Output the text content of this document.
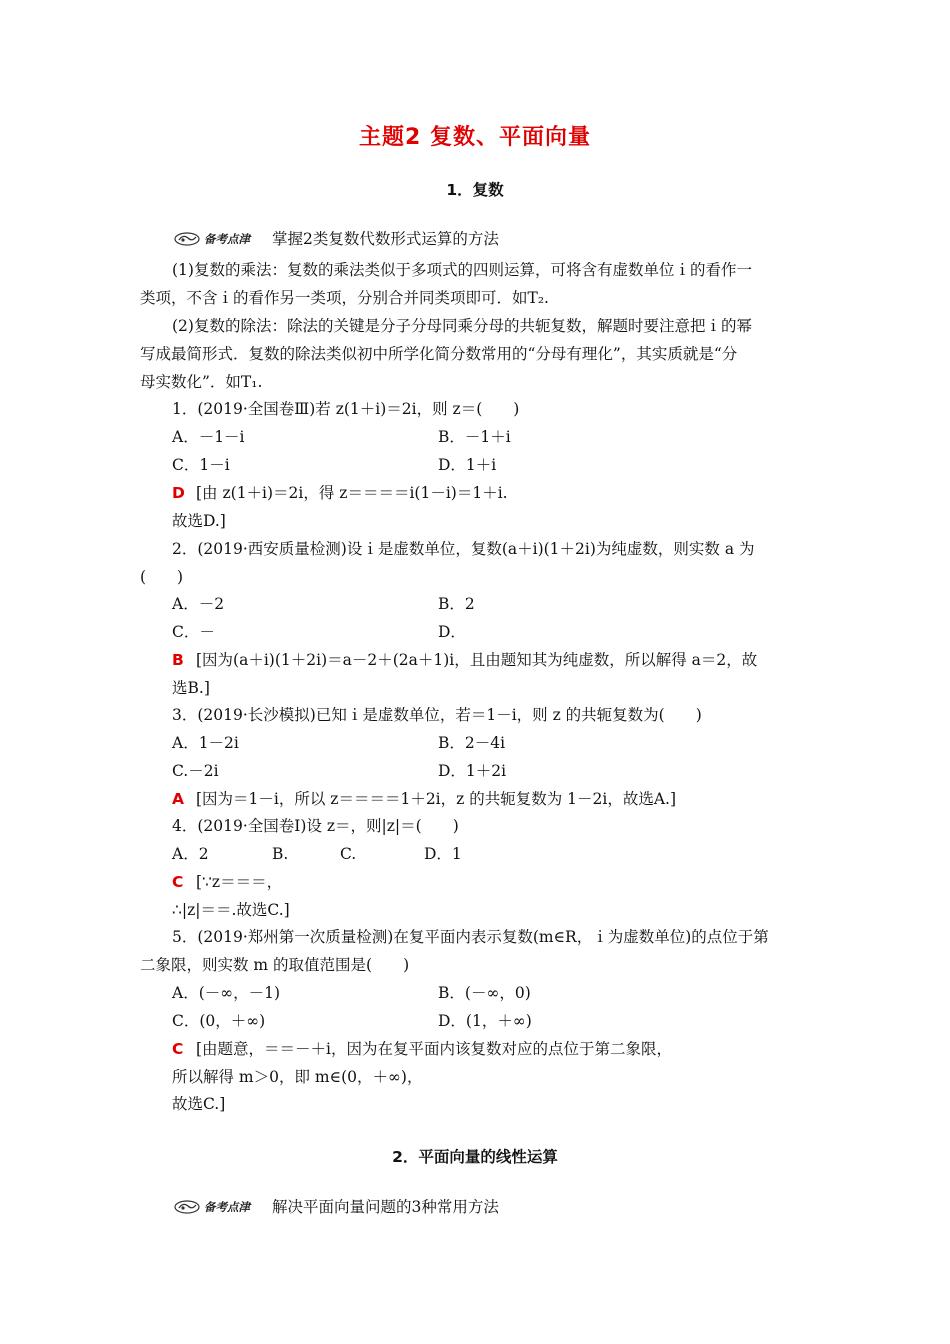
主题2 复数、平面向量
1．复数
备考点津 掌握2类复数代数形式运算的方法
(1)复数的乘法：复数的乘法类似于多项式的四则运算，可将含有虚数单位ｉ的看作一
类项，不含ｉ的看作另一类项，分别合并同类项即可．如T₂.
(2)复数的除法：除法的关键是分子分母同乘分母的共轭复数，解题时要注意把ｉ的幂
写成最简形式．复数的除法类似初中所学化简分数常用的“分母有理化”，其实质就是“分
母实数化”．如T₁.
1．(2019·全国卷Ⅲ)若 z(1＋i)＝2i，则 z＝(　　)
A．－1－i	B．－1＋i
C．1－i	D．1＋i
D [由 z(1＋i)＝2i，得 z＝＝＝＝i(1－i)＝1＋i.
故选D.]
2．(2019·西安质量检测)设ｉ是虚数单位，复数(a＋i)(1＋2i)为纯虚数，则实数 a 为
(　　)
A．－2	B．2
C．－	D．
B [因为(a＋i)(1＋2i)＝a－2＋(2a＋1)i，且由题知其为纯虚数，所以解得 a＝2，故
选B.]
3．(2019·长沙模拟)已知ｉ是虚数单位，若＝1－i，则 z 的共轭复数为(　　)
A．1－2i	B．2－4i
C.－2i	D．1＋2i
A [因为＝1－i，所以 z＝＝＝＝1＋2i，z 的共轭复数为 1－2i，故选A.]
4．(2019·全国卷Ⅰ)设 z＝，则|z|＝(　　)
A．2	B.	C.	D．1
C [∵z＝＝＝，
∴|z|＝＝.故选C.]
5．(2019·郑州第一次质量检测)在复平面内表示复数(m∈R，ｉ为虚数单位)的点位于第
二象限，则实数 m 的取值范围是(　　)
A．(－∞，－1)	B．(－∞，0)
C．(0，＋∞)	D．(1，＋∞)
C [由题意，＝＝－＋i，因为在复平面内该复数对应的点位于第二象限，
所以解得 m＞0，即 m∈(0，＋∞)，
故选C.]
2．平面向量的线性运算
备考点津 解决平面向量问题的3种常用方法
